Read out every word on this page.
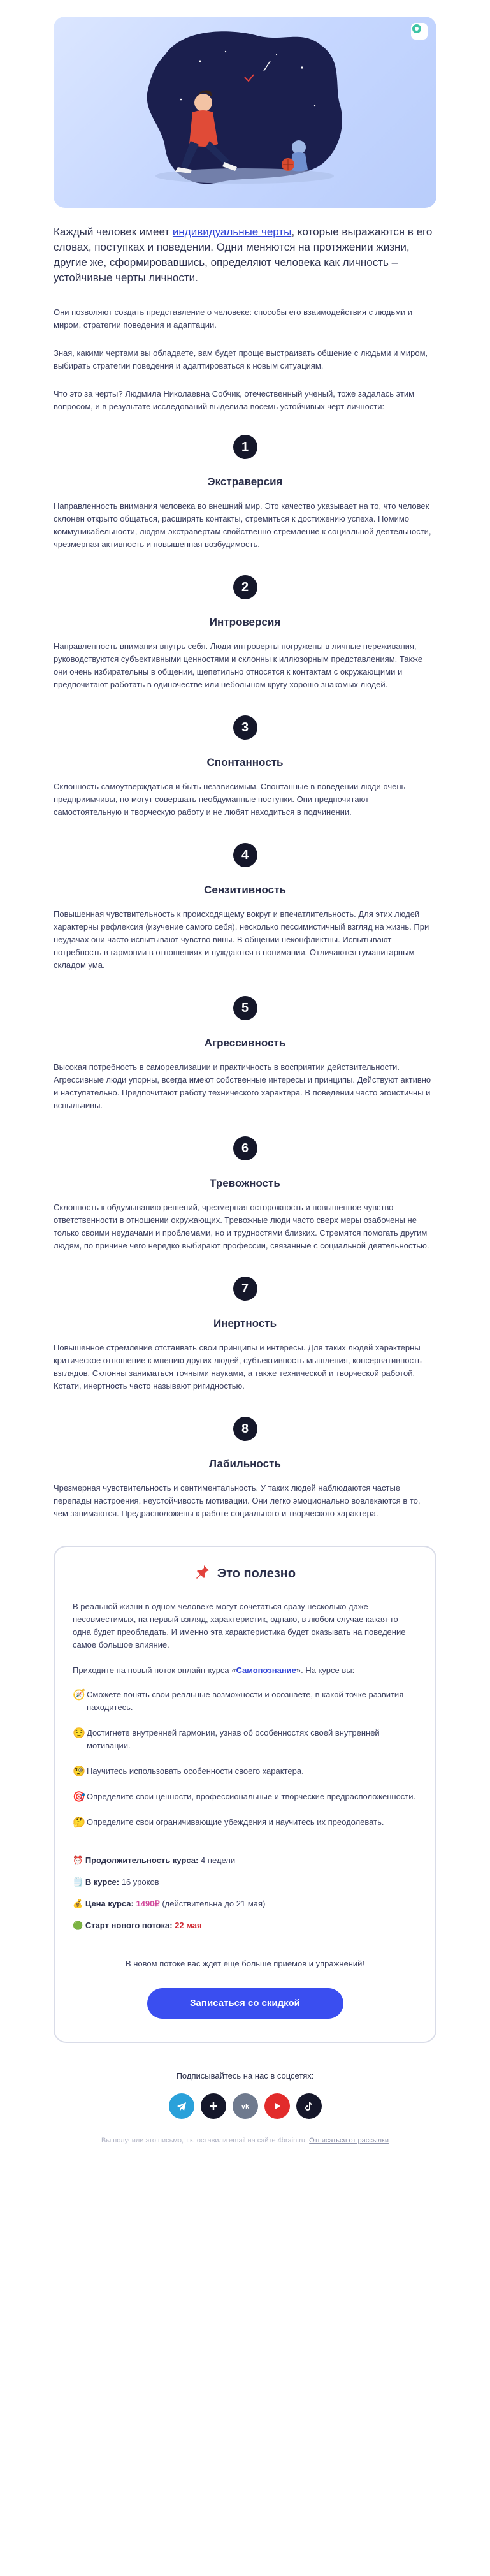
Каждый человек имеет индивидуальные черты, которые выражаются в его словах, поступках и поведении. Одни меняются на протяжении жизни, другие же, сформировавшись, определяют человека как личность – устойчивые черты личности.

Они позволяют создать представление о человеке: способы его взаимодействия с людьми и миром, стратегии поведения и адаптации.

Зная, какими чертами вы обладаете, вам будет проще выстраивать общение с людьми и миром, выбирать стратегии поведения и адаптироваться к новым ситуациям.

Что это за черты? Людмила Николаевна Собчик, отечественный ученый, тоже задалась этим вопросом, и в результате исследований выделила восемь устойчивых черт личности:

1
Экстраверсия

Направленность внимания человека во внешний мир. Это качество указывает на то, что человек склонен открыто общаться, расширять контакты, стремиться к достижению успеха. Помимо коммуникабельности, людям-экстравертам свойственно стремление к социальной деятельности, чрезмерная активность и повышенная возбудимость.

2
Интроверсия

Направленность внимания внутрь себя. Люди-интроверты погружены в личные переживания, руководствуются субъективными ценностями и склонны к иллюзорным представлениям. Также они очень избирательны в общении, щепетильно относятся к контактам с окружающими и предпочитают работать в одиночестве или небольшом кругу хорошо знакомых людей.

3
Спонтанность

Склонность самоутверждаться и быть независимым. Спонтанные в поведении люди очень предприимчивы, но могут совершать необдуманные поступки. Они предпочитают самостоятельную и творческую работу и не любят находиться в подчинении.

4
Сензитивность

Повышенная чувствительность к происходящему вокруг и впечатлительность. Для этих людей характерны рефлексия (изучение самого себя), несколько пессимистичный взгляд на жизнь. При неудачах они часто испытывают чувство вины. В общении неконфликтны. Испытывают потребность в гармонии в отношениях и нуждаются в понимании. Отличаются гуманитарным складом ума.

5
Агрессивность

Высокая потребность в самореализации и практичность в восприятии действительности. Агрессивные люди упорны, всегда имеют собственные интересы и принципы. Действуют активно и наступательно. Предпочитают работу технического характера. В поведении часто эгоистичны и вспыльчивы.

6
Тревожность

Склонность к обдумыванию решений, чрезмерная осторожность и повышенное чувство ответственности в отношении окружающих. Тревожные люди часто сверх меры озабочены не только своими неудачами и проблемами, но и трудностями близких. Стремятся помогать другим людям, по причине чего нередко выбирают профессии, связанные с социальной деятельностью.

7
Инертность

Повышенное стремление отстаивать свои принципы и интересы. Для таких людей характерны критическое отношение к мнению других людей, субъективность мышления, консервативность взглядов. Склонны заниматься точными науками, а также технической и творческой работой. Кстати, инертность часто называют ригидностью.

8
Лабильность

Чрезмерная чувствительность и сентиментальность. У таких людей наблюдаются частые перепады настроения, неустойчивость мотивации. Они легко эмоционально вовлекаются в то, чем занимаются. Предрасположены к работе социального и творческого характера.

Это полезно

В реальной жизни в одном человеке могут сочетаться сразу несколько даже несовместимых, на первый взгляд, характеристик, однако, в любом случае какая-то одна будет преобладать. И именно эта характеристика будет оказывать на поведение самое большое влияние.

Приходите на новый поток онлайн-курса «Самопознание». На курсе вы:

🧭 Сможете понять свои реальные возможности и осознаете, в какой точке развития находитесь.

😌 Достигнете внутренней гармонии, узнав об особенностях своей внутренней мотивации.

🧐 Научитесь использовать особенности своего характера.

🎯 Определите свои ценности, профессиональные и творческие предрасположенности.

🤔 Определите свои ограничивающие убеждения и научитесь их преодолевать.

⏰ Продолжительность курса: 4 недели
🗒️ В курсе: 16 уроков
💰 Цена курса: 1490₽ (действительна до 21 мая)
🟢 Старт нового потока: 22 мая

В новом потоке вас ждет еще больше приемов и упражнений!

Записаться со скидкой
Подписывайтесь на нас в соцсетях:
vk
Вы получили это письмо, т.к. оставили email на сайте 4brain.ru. Отписаться от рассылки
